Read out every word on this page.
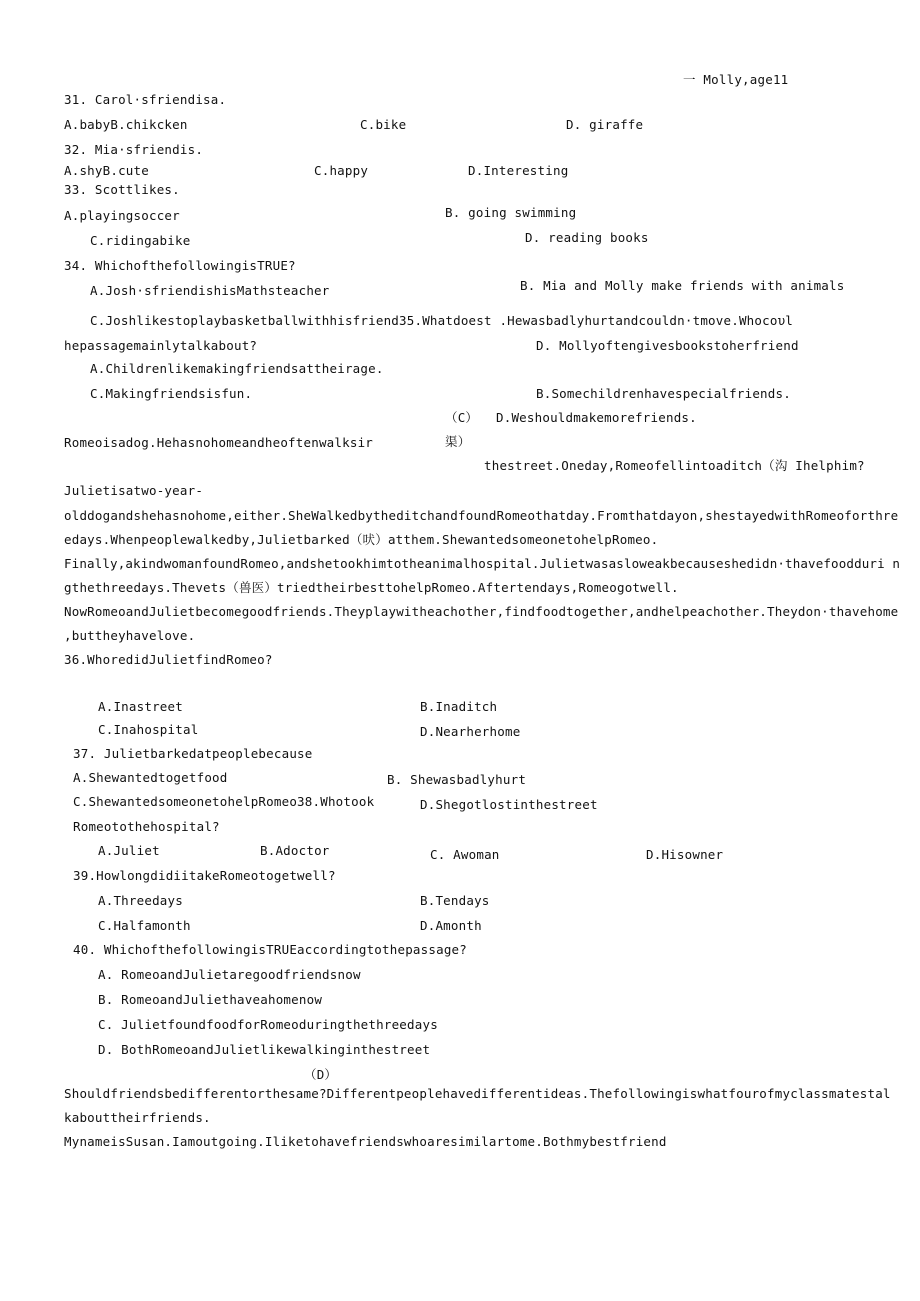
一 Molly,age11
31. Carol·sfriendisa.
A.babyB.chikcken	C.bike	D. giraffe
32. Mia·sfriendis.
A.shyB.cute	C.happy	D.Interesting
33. Scottlikes.
A.playingsoccer	B. going swimming
C.ridingabike	D. reading books
34. WhichofthefollowingisTRUE?
A.Josh·sfriendishisMathsteacher	B. Mia and Molly make friends with animals
C.Joshlikestoplaybasketballwithhisfriend35.Whatdoest .Hewasbadlyhurtandcouldn·tmove.Whocoυl
hepassagemainlytalkabout?	D. Mollyoftengivesbookstoherfriend
A.Childrenlikemakingfriendsattheirage.
C.Makingfriendsisfun.	B.Somechildrenhavespecialfriends.
（C） D.Weshouldmakemorefriends.
Romeoisadog.Hehasnohomeandheoftenwalksir	渠）
thestreet.Oneday,Romeofellintoaditch（沟 Ihelphim?
Julietisatwo-year-
olddogandshehasnohome,either.SheWalkedbytheditchandfoundRomeothatday.Fromthatdayon,shestayedwithRomeoforthre
edays.Whenpeoplewalkedby,Julietbarked（吠）atthem.ShewantedsomeonetohelpRomeo.
Finally,akindwomanfoundRomeo,andshetookhimtotheanimalhospital.Julietwasasloweakbecauseshedidn·thavefoodduri n
gthethreedays.Thevets（兽医）triedtheirbesttohelpRomeo.Aftertendays,Romeogotwell.
NowRomeoandJulietbecomegoodfriends.Theyplaywitheachother,findfoodtogether,andhelpeachother.Theydon·thavehome
,buttheyhavelove.
36.WhoredidJulietfindRomeo?
A.Inastreet	B.Inaditch
C.Inahospital	D.Nearherhome
37. Julietbarkedatpeoplebecause
A.Shewantedtogetfood	B. Shewasbadlyhurt
C.ShewantedsomeonetohelpRomeo38.Whotook	D.Shegotlostinthestreet
Romeotothehospital?
A.Juliet	B.Adoctor	C. Awoman	D.Hisowner
39.HowlongdidiitakeRomeotogetwell?
A.Threedays	B.Tendays
C.Halfamonth	D.Amonth
40. WhichofthefollowingisTRUEaccordingtothepassage?
A. RomeoandJulietaregoodfriendsnow
B. RomeoandJuliethaveahomenow
C. JulietfoundfoodforRomeoduringthethreedays
D. BothRomeoandJulietlikewalkinginthestreet
（D）
Shouldfriendsbedifferentorthesame?Differentpeoplehavedifferentideas.Thefollowingiswhatfourofmyclassmatestal
kabouttheirfriends.
MynameisSusan.Iamoutgoing.Iliketohavefriendswhoaresimilartome.Bothmybestfriend
